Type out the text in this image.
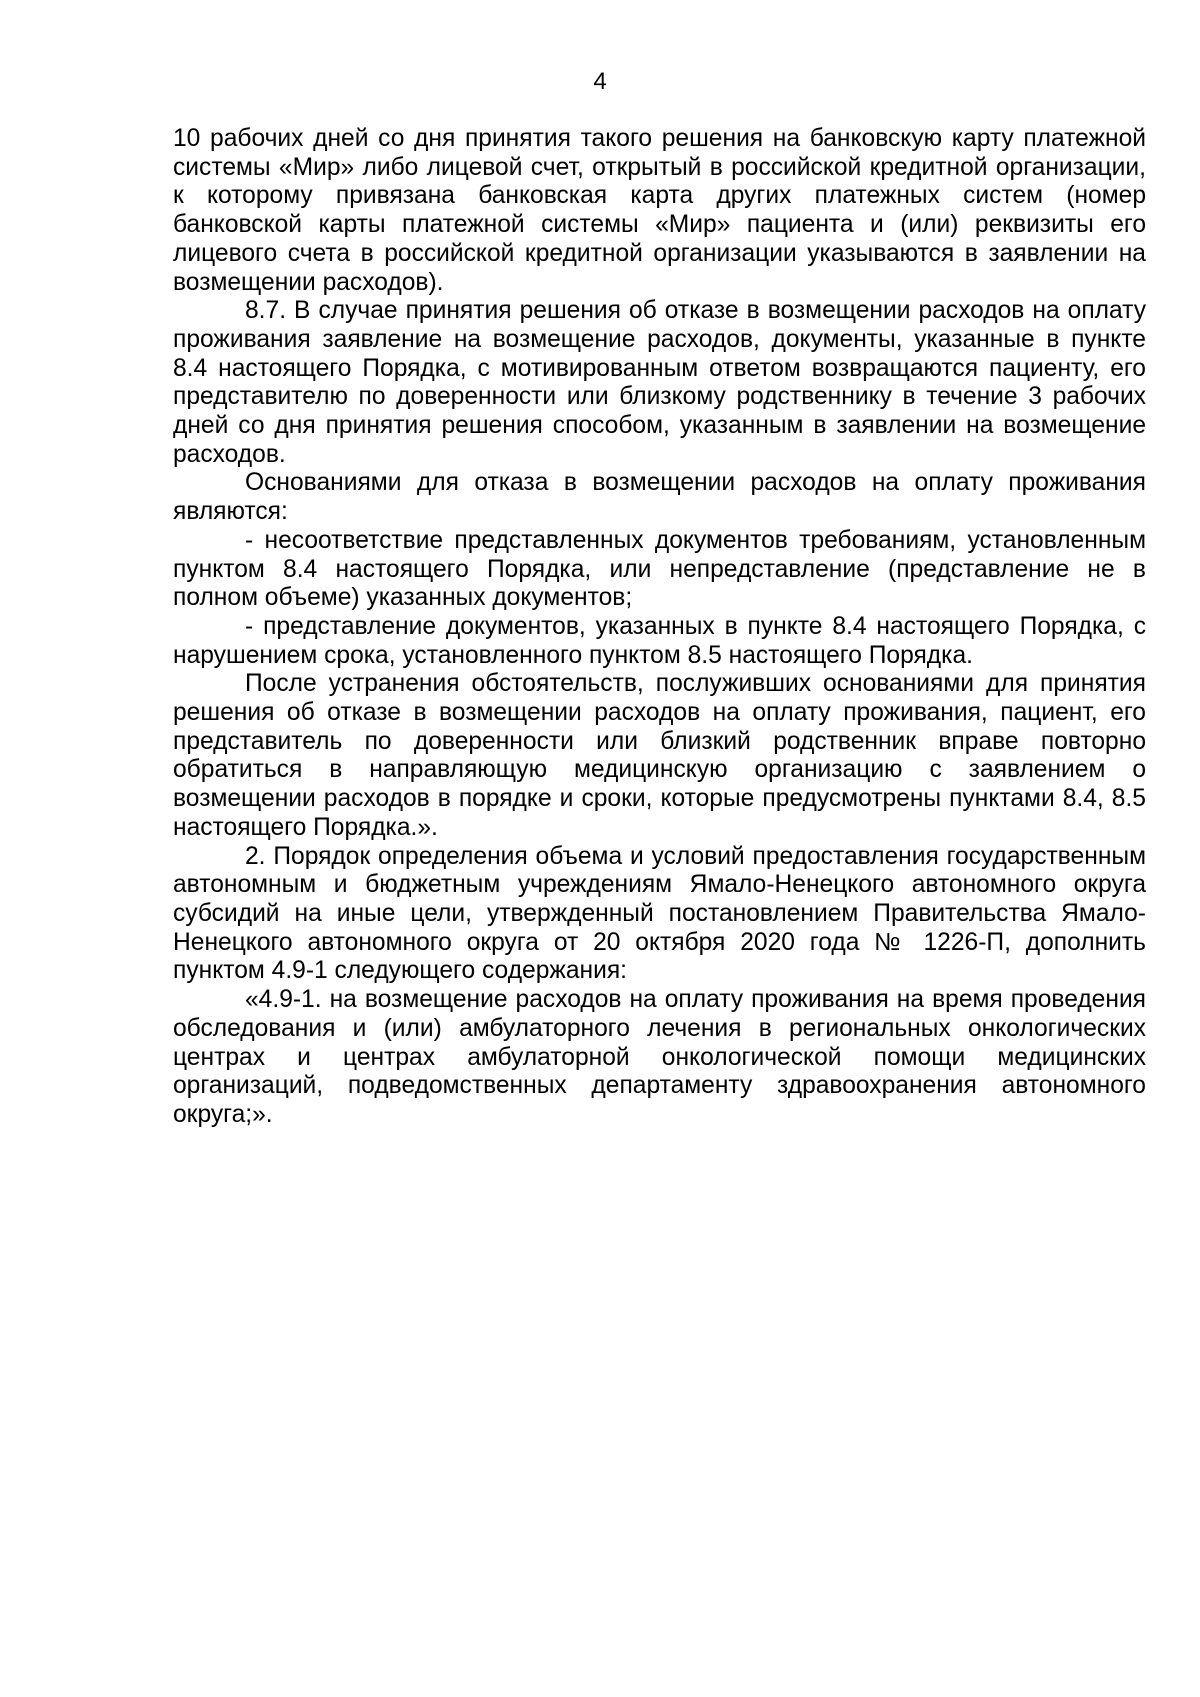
4

10 рабочих дней со дня принятия такого решения на банковскую карту платежной системы «Мир» либо лицевой счет, открытый в российской кредитной организации, к которому привязана банковская карта других платежных систем (номер банковской карты платежной системы «Мир» пациента и (или) реквизиты его лицевого счета в российской кредитной организации указываются в заявлении на возмещении расходов).

8.7. В случае принятия решения об отказе в возмещении расходов на оплату проживания заявление на возмещение расходов, документы, указанные в пункте 8.4 настоящего Порядка, с мотивированным ответом возвращаются пациенту, его представителю по доверенности или близкому родственнику в течение 3 рабочих дней со дня принятия решения способом, указанным в заявлении на возмещение расходов.

Основаниями для отказа в возмещении расходов на оплату проживания являются:

- несоответствие представленных документов требованиям, установленным пунктом 8.4 настоящего Порядка, или непредставление (представление не в полном объеме) указанных документов;

- представление документов, указанных в пункте 8.4 настоящего Порядка, с нарушением срока, установленного пунктом 8.5 настоящего Порядка.

После устранения обстоятельств, послуживших основаниями для принятия решения об отказе в возмещении расходов на оплату проживания, пациент, его представитель по доверенности или близкий родственник вправе повторно обратиться в направляющую медицинскую организацию с заявлением о возмещении расходов в порядке и сроки, которые предусмотрены пунктами 8.4, 8.5 настоящего Порядка.».

2. Порядок определения объема и условий предоставления государственным автономным и бюджетным учреждениям Ямало-Ненецкого автономного округа субсидий на иные цели, утвержденный постановлением Правительства Ямало-Ненецкого автономного округа от 20 октября 2020 года № 1226-П, дополнить пунктом 4.9-1 следующего содержания:

«4.9-1. на возмещение расходов на оплату проживания на время проведения обследования и (или) амбулаторного лечения в региональных онкологических центрах и центрах амбулаторной онкологической помощи медицинских организаций, подведомственных департаменту здравоохранения автономного округа;».
